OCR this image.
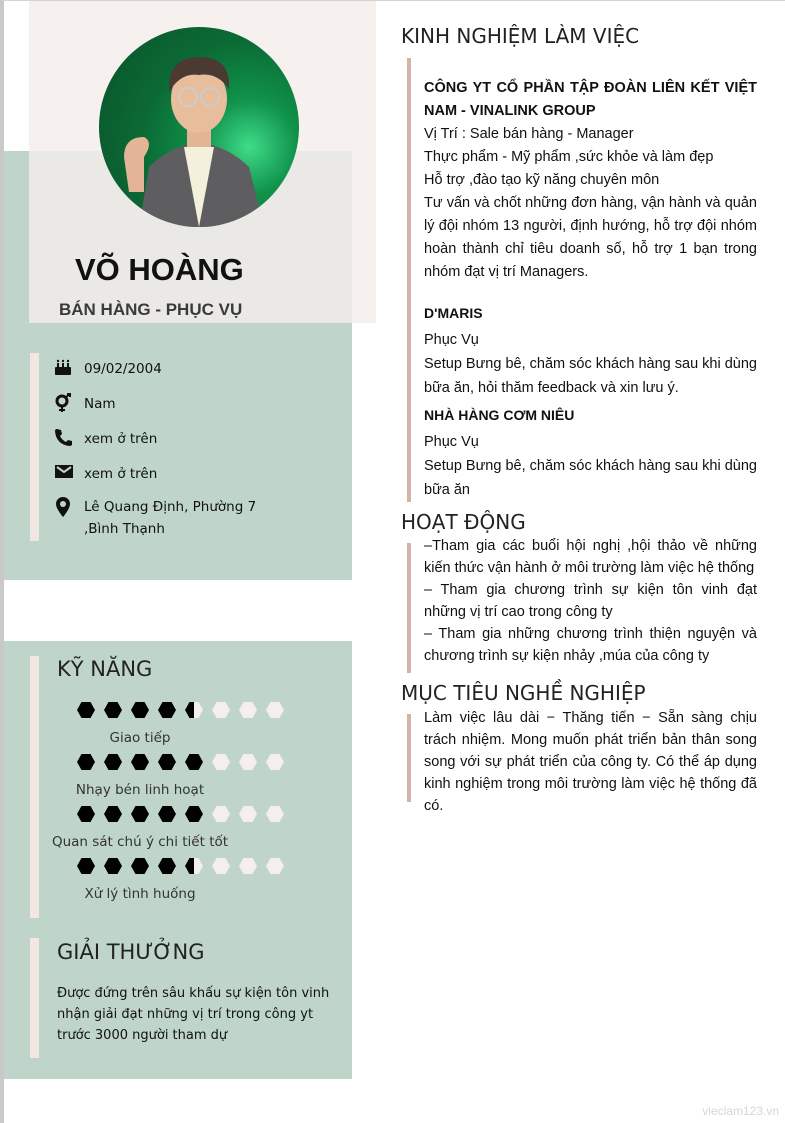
VÕ HOÀNG
BÁN HÀNG - PHỤC VỤ
09/02/2004
Nam
xem ở trên
xem ở trên
Lê Quang Định, Phường 7 ,Bình Thạnh
KỸ NĂNG
Giao tiếp
Nhạy bén linh hoạt
Quan sát chú ý chi tiết tốt
Xử lý tình huống
GIẢI THƯỞNG
Được đứng trên sâu khấu sự kiện tôn vinh nhận giải đạt những vị trí trong công yt trước 3000 người tham dự
KINH NGHIỆM LÀM VIỆC
CÔNG YT CỔ PHẦN TẬP ĐOÀN LIÊN KẾT VIỆT NAM - VINALINK GROUP
Vị Trí : Sale bán hàng - Manager
Thực phẩm - Mỹ phẩm ,sức khỏe và làm đẹp
Hỗ trợ ,đào tạo kỹ năng chuyên môn
Tư vấn và chốt những đơn hàng, vận hành và quản lý đội nhóm 13 người, định hướng, hỗ trợ đội nhóm hoàn thành chỉ tiêu doanh số, hỗ trợ 1 bạn trong nhóm đạt vị trí Managers.
D'MARIS
Phục Vụ
Setup Bưng bê, chăm sóc khách hàng sau khi dùng bữa ăn, hỏi thăm feedback và xin lưu ý.
NHÀ HÀNG CƠM NIÊU
Phục Vụ
Setup Bưng bê, chăm sóc khách hàng sau khi dùng bữa ăn
HOẠT ĐỘNG
–Tham gia các buổi hội nghị ,hội thảo về những kiến thức vận hành ở môi trường làm việc hệ thống
– Tham gia chương trình sự kiện tôn vinh đạt những vị trí cao trong công ty
– Tham gia những chương trình thiện nguyện và chương trình sự kiện nhảy ,múa của công ty
MỤC TIÊU NGHỀ NGHIỆP
Làm việc lâu dài − Thăng tiến − Sẵn sàng chịu trách nhiệm. Mong muốn phát triển bản thân song song với sự phát triển của công ty. Có thể áp dụng kinh nghiệm trong môi trường làm việc hệ thống đã có.
vieclam123.vn
